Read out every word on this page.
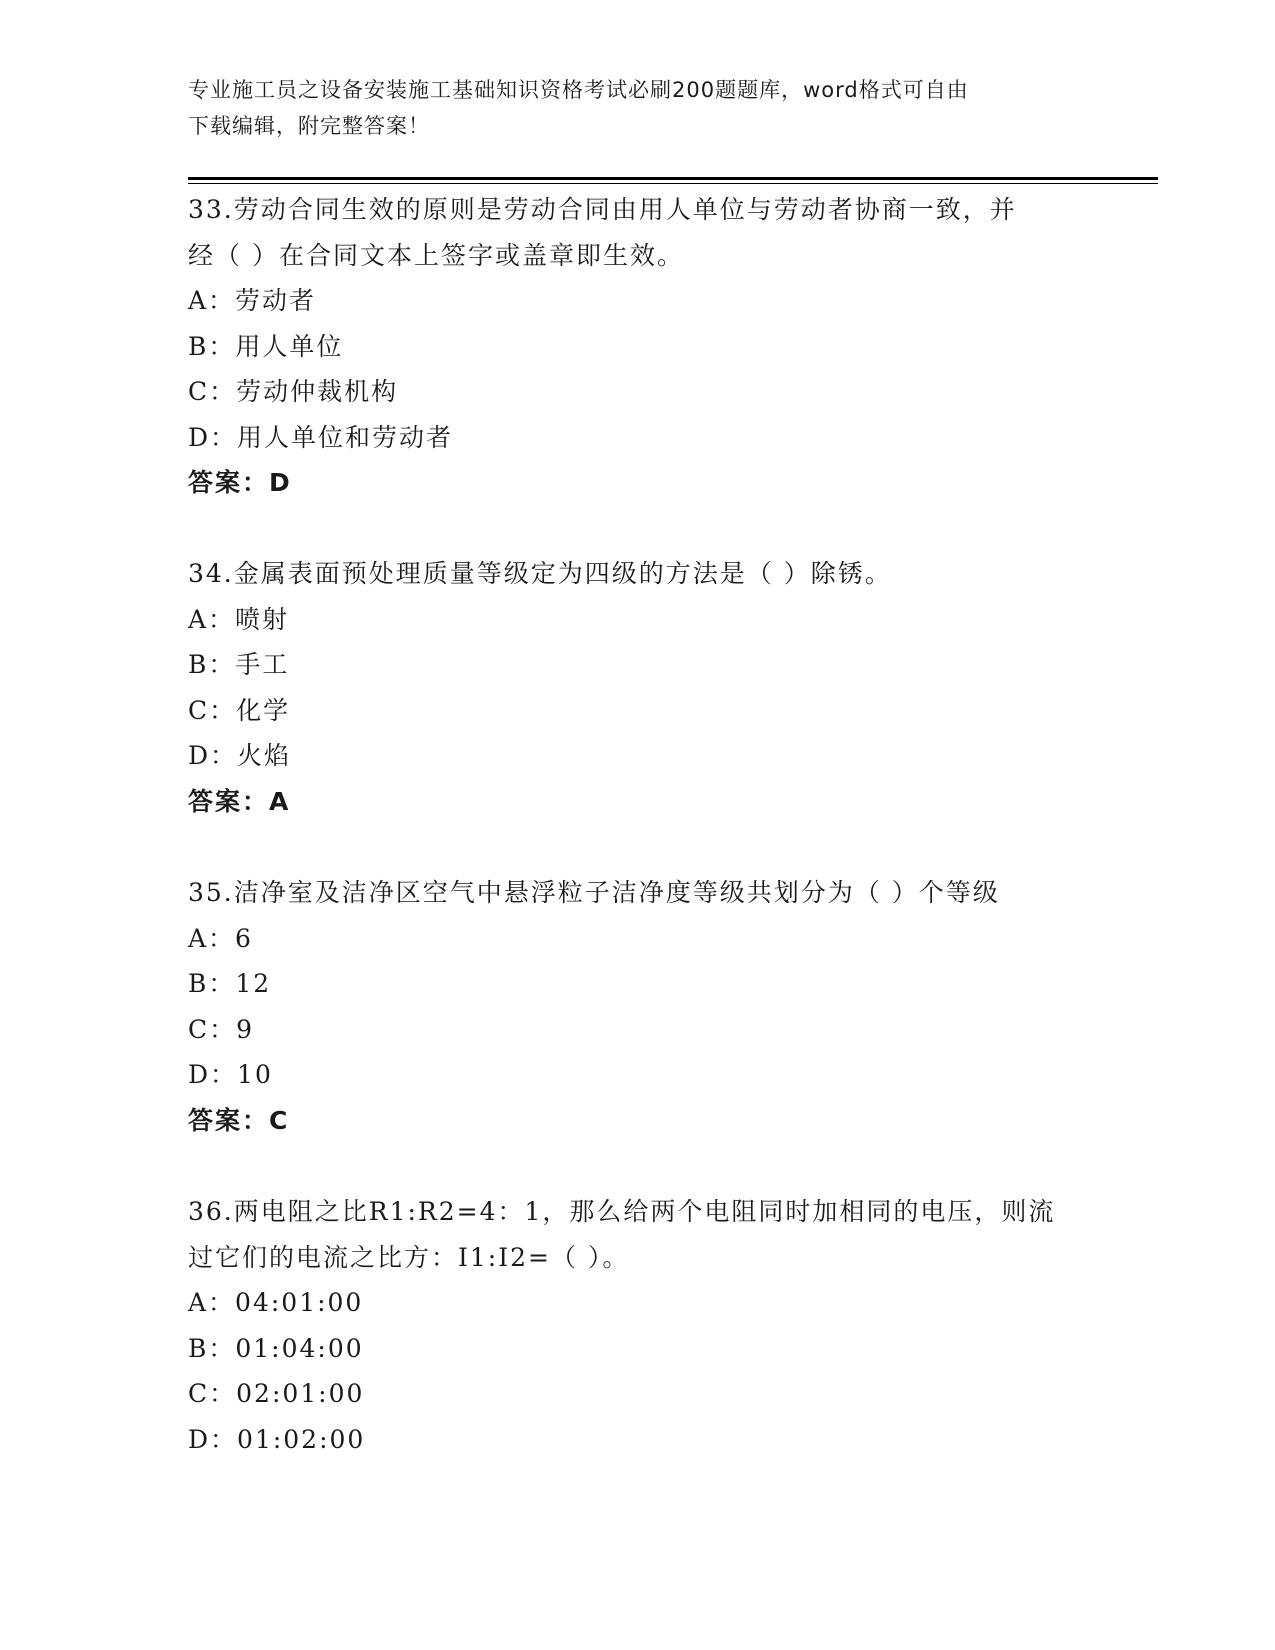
专业施工员之设备安装施工基础知识资格考试必刷200题题库，word格式可自由
下载编辑，附完整答案！
33.劳动合同生效的原则是劳动合同由用人单位与劳动者协商一致，并
经（ ）在合同文本上签字或盖章即生效。
A：劳动者
B：用人单位
C：劳动仲裁机构
D：用人单位和劳动者
答案：D
34.金属表面预处理质量等级定为四级的方法是（ ）除锈。
A：喷射
B：手工
C：化学
D：火焰
答案：A
35.洁净室及洁净区空气中悬浮粒子洁净度等级共划分为（ ）个等级
A：6
B：12
C：9
D：10
答案：C
36.两电阻之比R1:R2=4：1，那么给两个电阻同时加相同的电压，则流
过它们的电流之比方：I1:I2=（ ）。
A：04:01:00
B：01:04:00
C：02:01:00
D：01:02:00
